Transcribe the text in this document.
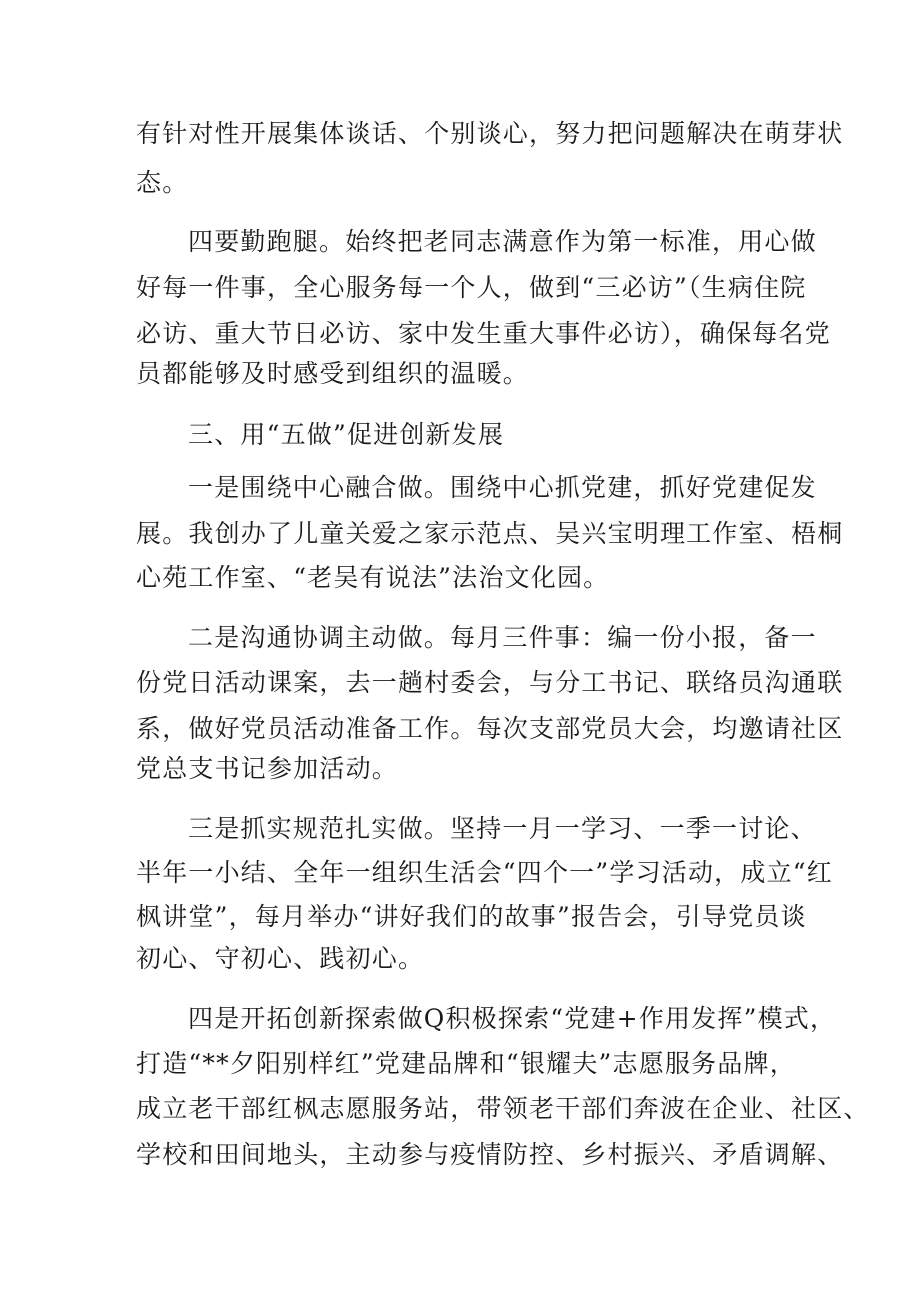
有针对性开展集体谈话、个别谈心，努力把问题解决在萌芽状
态。
四要勤跑腿。始终把老同志满意作为第一标准，用心做
好每一件事，全心服务每一个人，做到“三必访”（生病住院
必访、重大节日必访、家中发生重大事件必访），确保每名党
员都能够及时感受到组织的温暖。
三、用“五做”促进创新发展
一是围绕中心融合做。围绕中心抓党建，抓好党建促发
展。我创办了儿童关爱之家示范点、吴兴宝明理工作室、梧桐
心苑工作室、“老吴有说法”法治文化园。
二是沟通协调主动做。每月三件事：编一份小报，备一
份党日活动课案，去一趟村委会，与分工书记、联络员沟通联
系，做好党员活动准备工作。每次支部党员大会，均邀请社区
党总支书记参加活动。
三是抓实规范扎实做。坚持一月一学习、一季一讨论、
半年一小结、全年一组织生活会“四个一”学习活动，成立“红
枫讲堂”，每月举办“讲好我们的故事”报告会，引导党员谈
初心、守初心、践初心。
四是开拓创新探索做Q积极探索“党建+作用发挥”模式，
打造“**夕阳别样红”党建品牌和“银耀夫”志愿服务品牌，
成立老干部红枫志愿服务站，带领老干部们奔波在企业、社区、
学校和田间地头，主动参与疫情防控、乡村振兴、矛盾调解、
